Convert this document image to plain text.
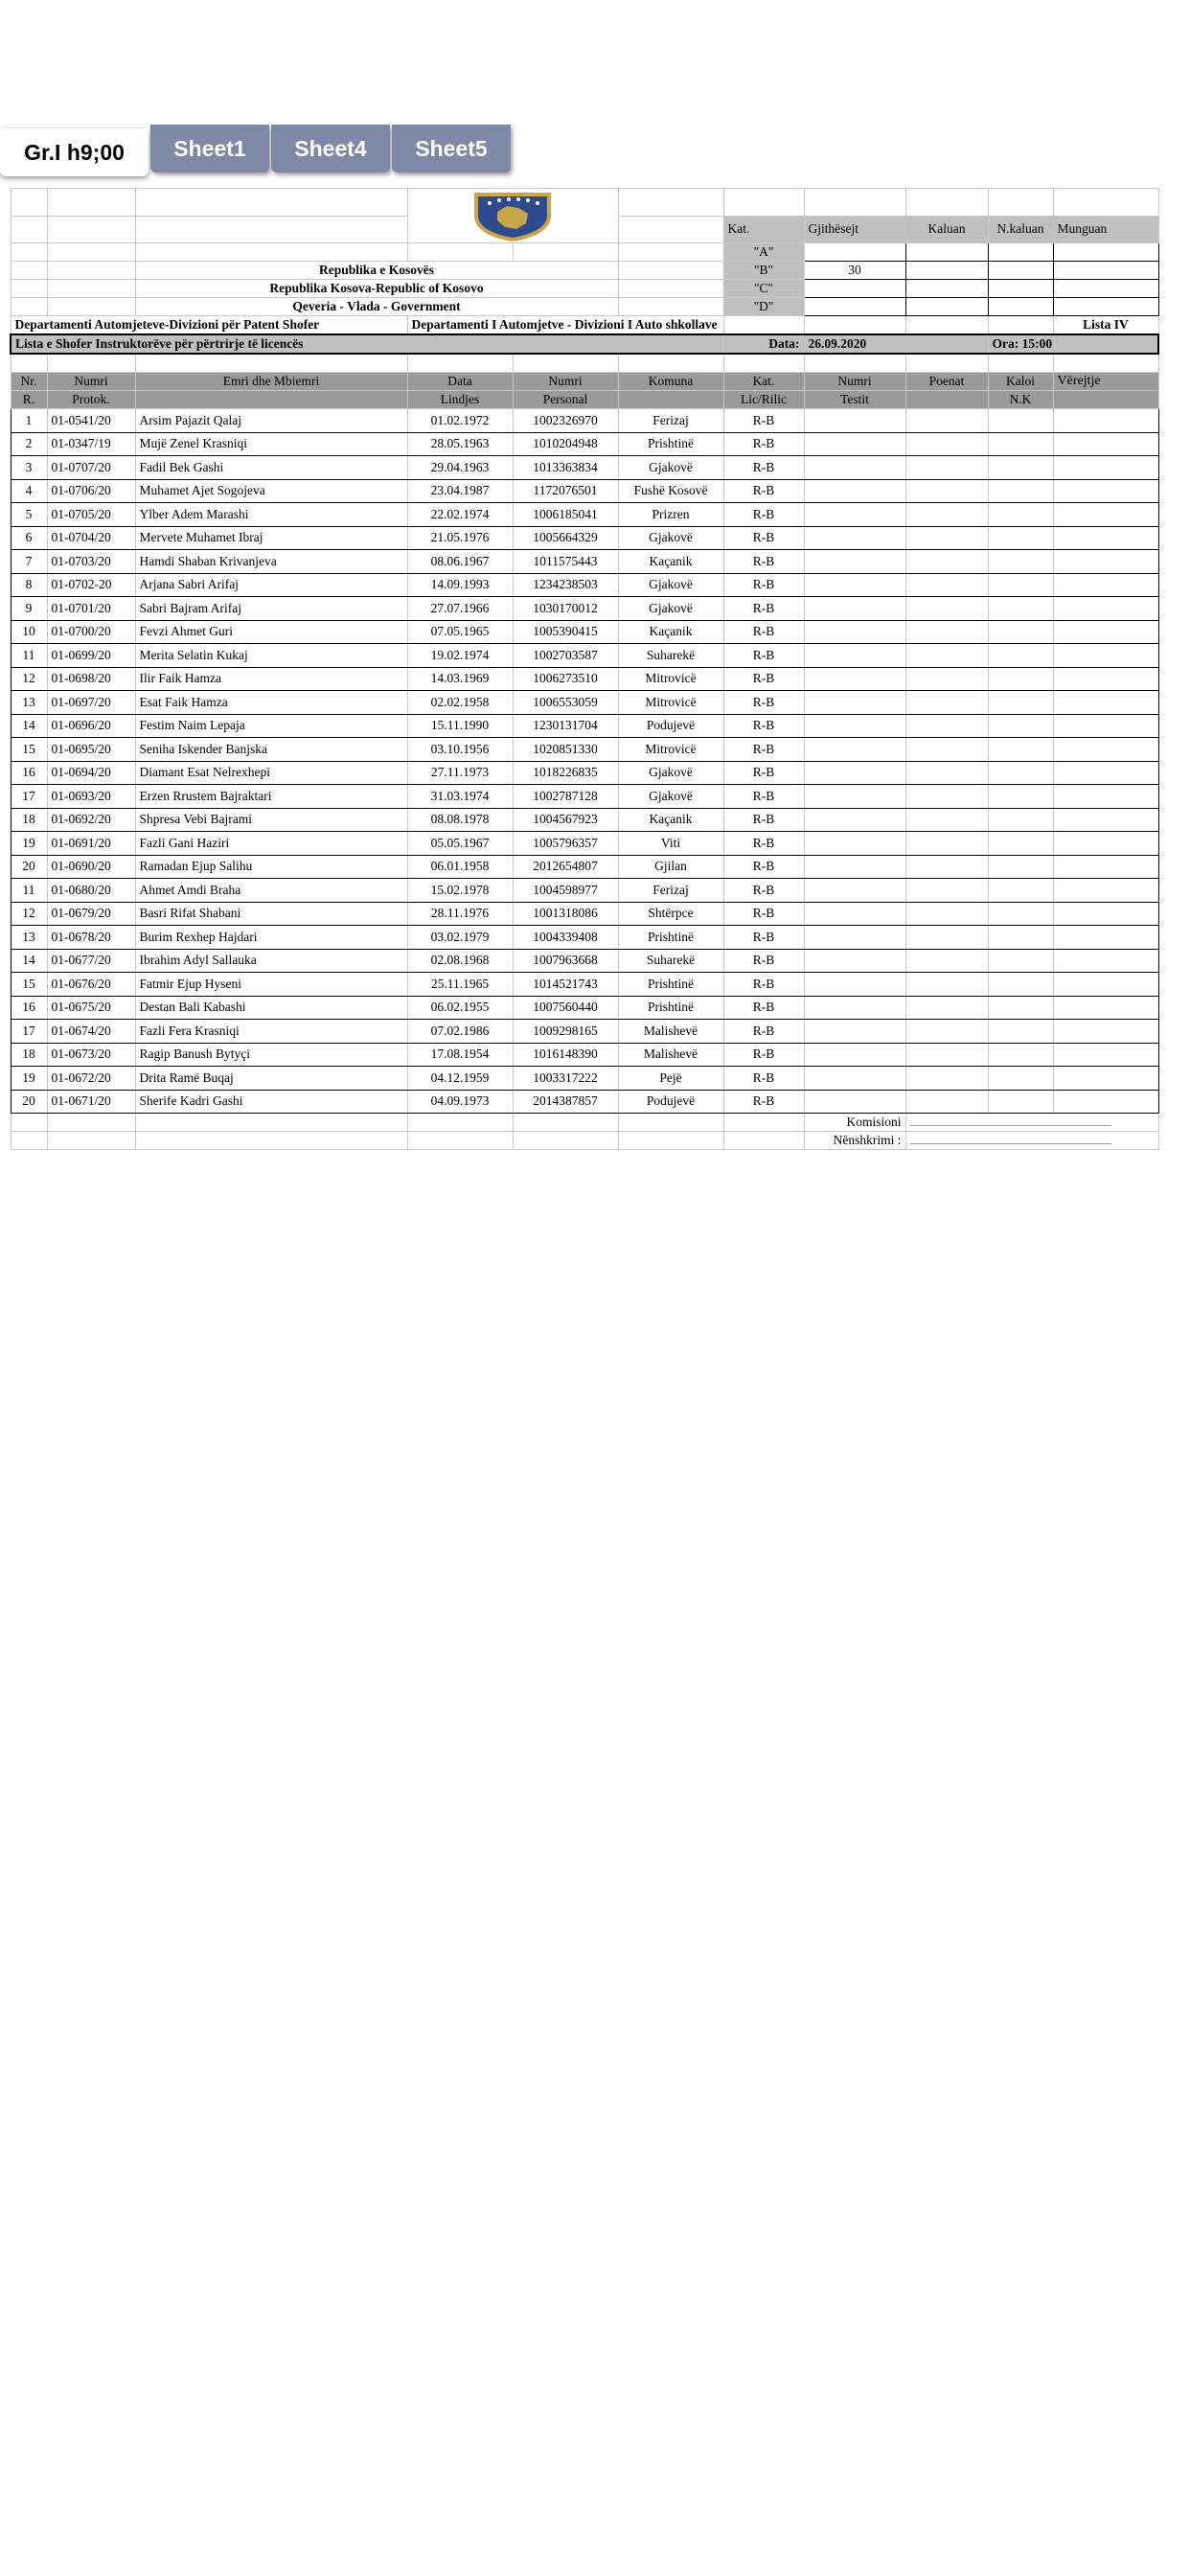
Gr.I h9;00	Sheet1	Sheet4	Sheet5

						Kat.	Gjithësejt	Kaluan	N.kaluan	Munguan
						"A"				
		Republika e Kosovës				"B"	30			
		Republika Kosova-Republic of Kosovo				"C"				
		Qeveria - Vlada - Government				"D"				
Departamenti Automjeteve-Divizioni për Patent Shofer			Departamenti I Automjetve - Divizioni I Auto shkollave							Lista IV
Lista e Shofer Instruktorëve për përtrirje të licencës						Data:	26.09.2020		Ora: 15:00	

Nr.	Numri	Emri dhe Mbiemri	Data	Numri	Komuna	Kat.	Numri	Poenat	Kaloi	Vërejtje
R.	Protok.		Lindjes	Personal		Lic/Rilic	Testit		N.K	
1	01-0541/20	Arsim Pajazit Qalaj	01.02.1972	1002326970	Ferizaj	R-B				
2	01-0347/19	Mujë Zenel Krasniqi	28.05.1963	1010204948	Prishtinë	R-B				
3	01-0707/20	Fadil Bek Gashi	29.04.1963	1013363834	Gjakovë	R-B				
4	01-0706/20	Muhamet Ajet Sogojeva	23.04.1987	1172076501	Fushë Kosovë	R-B				
5	01-0705/20	Ylber Adem Marashi	22.02.1974	1006185041	Prizren	R-B				
6	01-0704/20	Mervete Muhamet Ibraj	21.05.1976	1005664329	Gjakovë	R-B				
7	01-0703/20	Hamdi Shaban Krivanjeva	08.06.1967	1011575443	Kaçanik	R-B				
8	01-0702-20	Arjana Sabri Arifaj	14.09.1993	1234238503	Gjakovë	R-B				
9	01-0701/20	Sabri Bajram Arifaj	27.07.1966	1030170012	Gjakovë	R-B				
10	01-0700/20	Fevzi Ahmet Guri	07.05.1965	1005390415	Kaçanik	R-B				
11	01-0699/20	Merita Selatin Kukaj	19.02.1974	1002703587	Suharekë	R-B				
12	01-0698/20	Ilir Faik Hamza	14.03.1969	1006273510	Mitrovicë	R-B				
13	01-0697/20	Esat Faik Hamza	02.02.1958	1006553059	Mitrovicë	R-B				
14	01-0696/20	Festim Naim Lepaja	15.11.1990	1230131704	Podujevë	R-B				
15	01-0695/20	Seniha Iskender Banjska	03.10.1956	1020851330	Mitrovicë	R-B				
16	01-0694/20	Diamant Esat Nelrexhepi	27.11.1973	1018226835	Gjakovë	R-B				
17	01-0693/20	Erzen Rrustem Bajraktari	31.03.1974	1002787128	Gjakovë	R-B				
18	01-0692/20	Shpresa Vebi Bajrami	08.08.1978	1004567923	Kaçanik	R-B				
19	01-0691/20	Fazli Gani Haziri	05.05.1967	1005796357	Viti	R-B				
20	01-0690/20	Ramadan Ejup Salihu	06.01.1958	2012654807	Gjilan	R-B				
11	01-0680/20	Ahmet Amdi Braha	15.02.1978	1004598977	Ferizaj	R-B				
12	01-0679/20	Basri Rifat Shabani	28.11.1976	1001318086	Shtërpce	R-B				
13	01-0678/20	Burim Rexhep Hajdari	03.02.1979	1004339408	Prishtinë	R-B				
14	01-0677/20	Ibrahim Adyl Sallauka	02.08.1968	1007963668	Suharekë	R-B				
15	01-0676/20	Fatmir Ejup Hyseni	25.11.1965	1014521743	Prishtinë	R-B				
16	01-0675/20	Destan Bali Kabashi	06.02.1955	1007560440	Prishtinë	R-B				
17	01-0674/20	Fazli Fera Krasniqi	07.02.1986	1009298165	Malishevë	R-B				
18	01-0673/20	Ragip Banush Bytyçi	17.08.1954	1016148390	Malishevë	R-B				
19	01-0672/20	Drita Ramë Buqaj	04.12.1959	1003317222	Pejë	R-B				
20	01-0671/20	Sherife Kadri Gashi	04.09.1973	2014387857	Podujevë	R-B				
							Komisioni			
							Nënshkrimi :			
